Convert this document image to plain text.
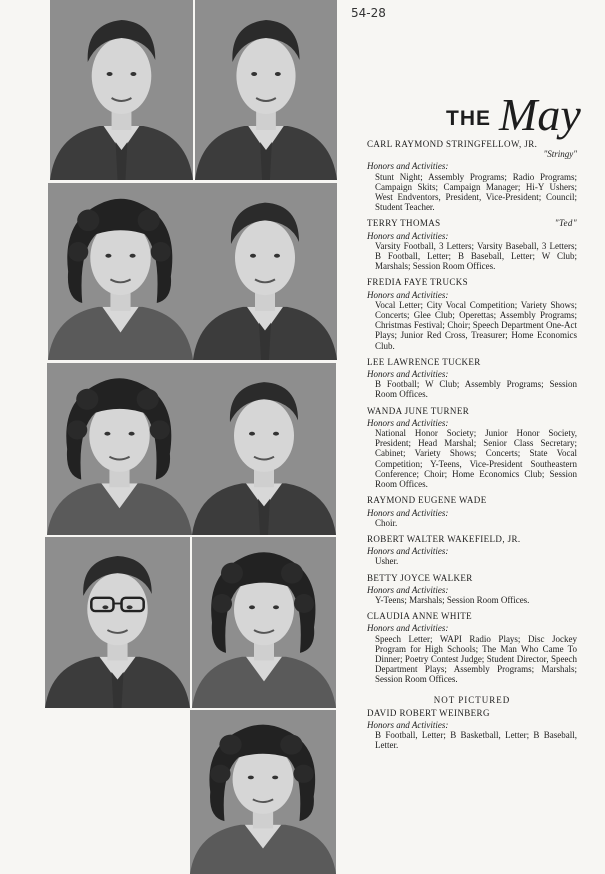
54-28
THE May
CARL RAYMOND STRINGFELLOW, JR.
"Stringy"
Honors and Activities:
Stunt Night; Assembly Programs; Radio Programs; Campaign Skits; Campaign Manager; Hi-Y Ushers; West Endventors, President, Vice-President; Council; Student Teacher.
TERRY THOMAS	"Ted"
Honors and Activities:
Varsity Football, 3 Letters; Varsity Baseball, 3 Letters; B Football, Letter; B Baseball, Letter; W Club; Marshals; Session Room Offices.
FREDIA FAYE TRUCKS
Honors and Activities:
Vocal Letter; City Vocal Competition; Variety Shows; Concerts; Glee Club; Operettas; Assembly Programs; Christmas Festival; Choir; Speech Department One-Act Plays; Junior Red Cross, Treasurer; Home Economics Club.
LEE LAWRENCE TUCKER
Honors and Activities:
B Football; W Club; Assembly Programs; Session Room Offices.
WANDA JUNE TURNER
Honors and Activities:
National Honor Society; Junior Honor Society, President; Head Marshal; Senior Class Secretary; Cabinet; Variety Shows; Concerts; State Vocal Competition; Y-Teens, Vice-President Southeastern Conference; Choir; Home Economics Club; Session Room Offices.
RAYMOND EUGENE WADE
Honors and Activities:
Choir.
ROBERT WALTER WAKEFIELD, JR.
Honors and Activities:
Usher.
BETTY JOYCE WALKER
Honors and Activities:
Y-Teens; Marshals; Session Room Offices.
CLAUDIA ANNE WHITE
Honors and Activities:
Speech Letter; WAPI Radio Plays; Disc Jockey Program for High Schools; The Man Who Came To Dinner; Poetry Contest Judge; Student Director, Speech Department Plays; Assembly Programs; Marshals; Session Room Offices.
NOT PICTURED
DAVID ROBERT WEINBERG
Honors and Activities:
B Football, Letter; B Basketball, Letter; B Baseball, Letter.
